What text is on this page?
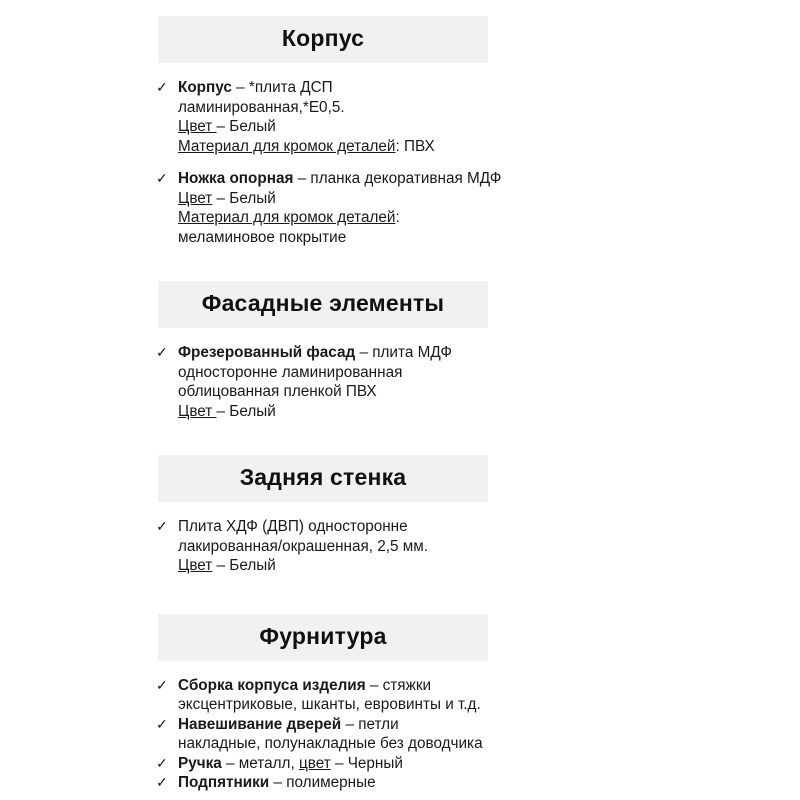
Корпус
✓ Корпус – *плита ДСП
ламинированная,*Е0,5.
Цвет – Белый
Материал для кромок деталей: ПВХ
✓ Ножка опорная – планка декоративная МДФ
Цвет – Белый
Материал для кромок деталей:
меламиновое покрытие
Фасадные элементы
✓ Фрезерованный фасад – плита МДФ
односторонне ламинированная
облицованная пленкой ПВХ
Цвет – Белый
Задняя стенка
✓ Плита ХДФ (ДВП) односторонне
лакированная/окрашенная, 2,5 мм.
Цвет – Белый
Фурнитура
✓ Сборка корпуса изделия – стяжки
эксцентриковые, шканты, евровинты и т.д.
✓ Навешивание дверей – петли
накладные, полунакладные без доводчика
✓ Ручка – металл, цвет – Черный
✓ Подпятники – полимерные
